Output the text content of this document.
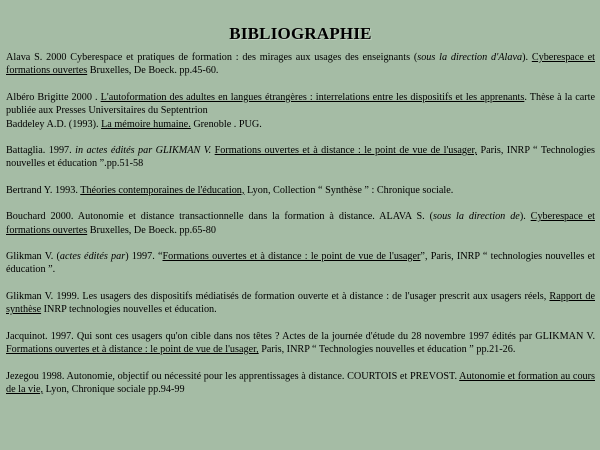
BIBLIOGRAPHIE
Alava S. 2000 Cyberespace et pratiques de formation : des mirages aux usages des enseignants (sous la direction d'Alava). Cyberespace et formations ouvertes Bruxelles, De Boeck. pp.45-60.
Albéro Brigitte 2000 . L'autoformation des adultes en langues étrangères : interrelations entre les dispositifs et les apprenants. Thèse à la carte publiée aux Presses Universitaires du Septentrion
Baddeley A.D. (1993). La mémoire humaine. Grenoble . PUG.
Battaglia. 1997. in actes édités par GLIKMAN V. Formations ouvertes et à distance : le point de vue de l'usager, Paris, INRP “ Technologies nouvelles et éducation ”.pp.51-58
Bertrand Y. 1993. Théories contemporaines de l'éducation, Lyon, Collection “ Synthèse ” : Chronique sociale.
Bouchard 2000. Autonomie et distance transactionnelle dans la formation à distance. ALAVA S. (sous la direction de). Cyberespace et formations ouvertes Bruxelles, De Boeck. pp.65-80
Glikman V. (actes édités par) 1997. “Formations ouvertes et à distance : le point de vue de l'usager”, Paris, INRP “ technologies nouvelles et éducation ”.
Glikman V. 1999. Les usagers des dispositifs médiatisés de formation ouverte et à distance : de l'usager prescrit aux usagers réels, Rapport de synthèse INRP technologies nouvelles et éducation.
Jacquinot. 1997. Qui sont ces usagers qu'on cible dans nos têtes ? Actes de la journée d'étude du 28 novembre 1997 édités par GLIKMAN V. Formations ouvertes et à distance : le point de vue de l'usager, Paris, INRP “ Technologies nouvelles et éducation ” pp.21-26.
Jezegou 1998. Autonomie, objectif ou nécessité pour les apprentissages à distance. COURTOIS et PREVOST. Autonomie et formation au cours de la vie, Lyon, Chronique sociale pp.94-99
